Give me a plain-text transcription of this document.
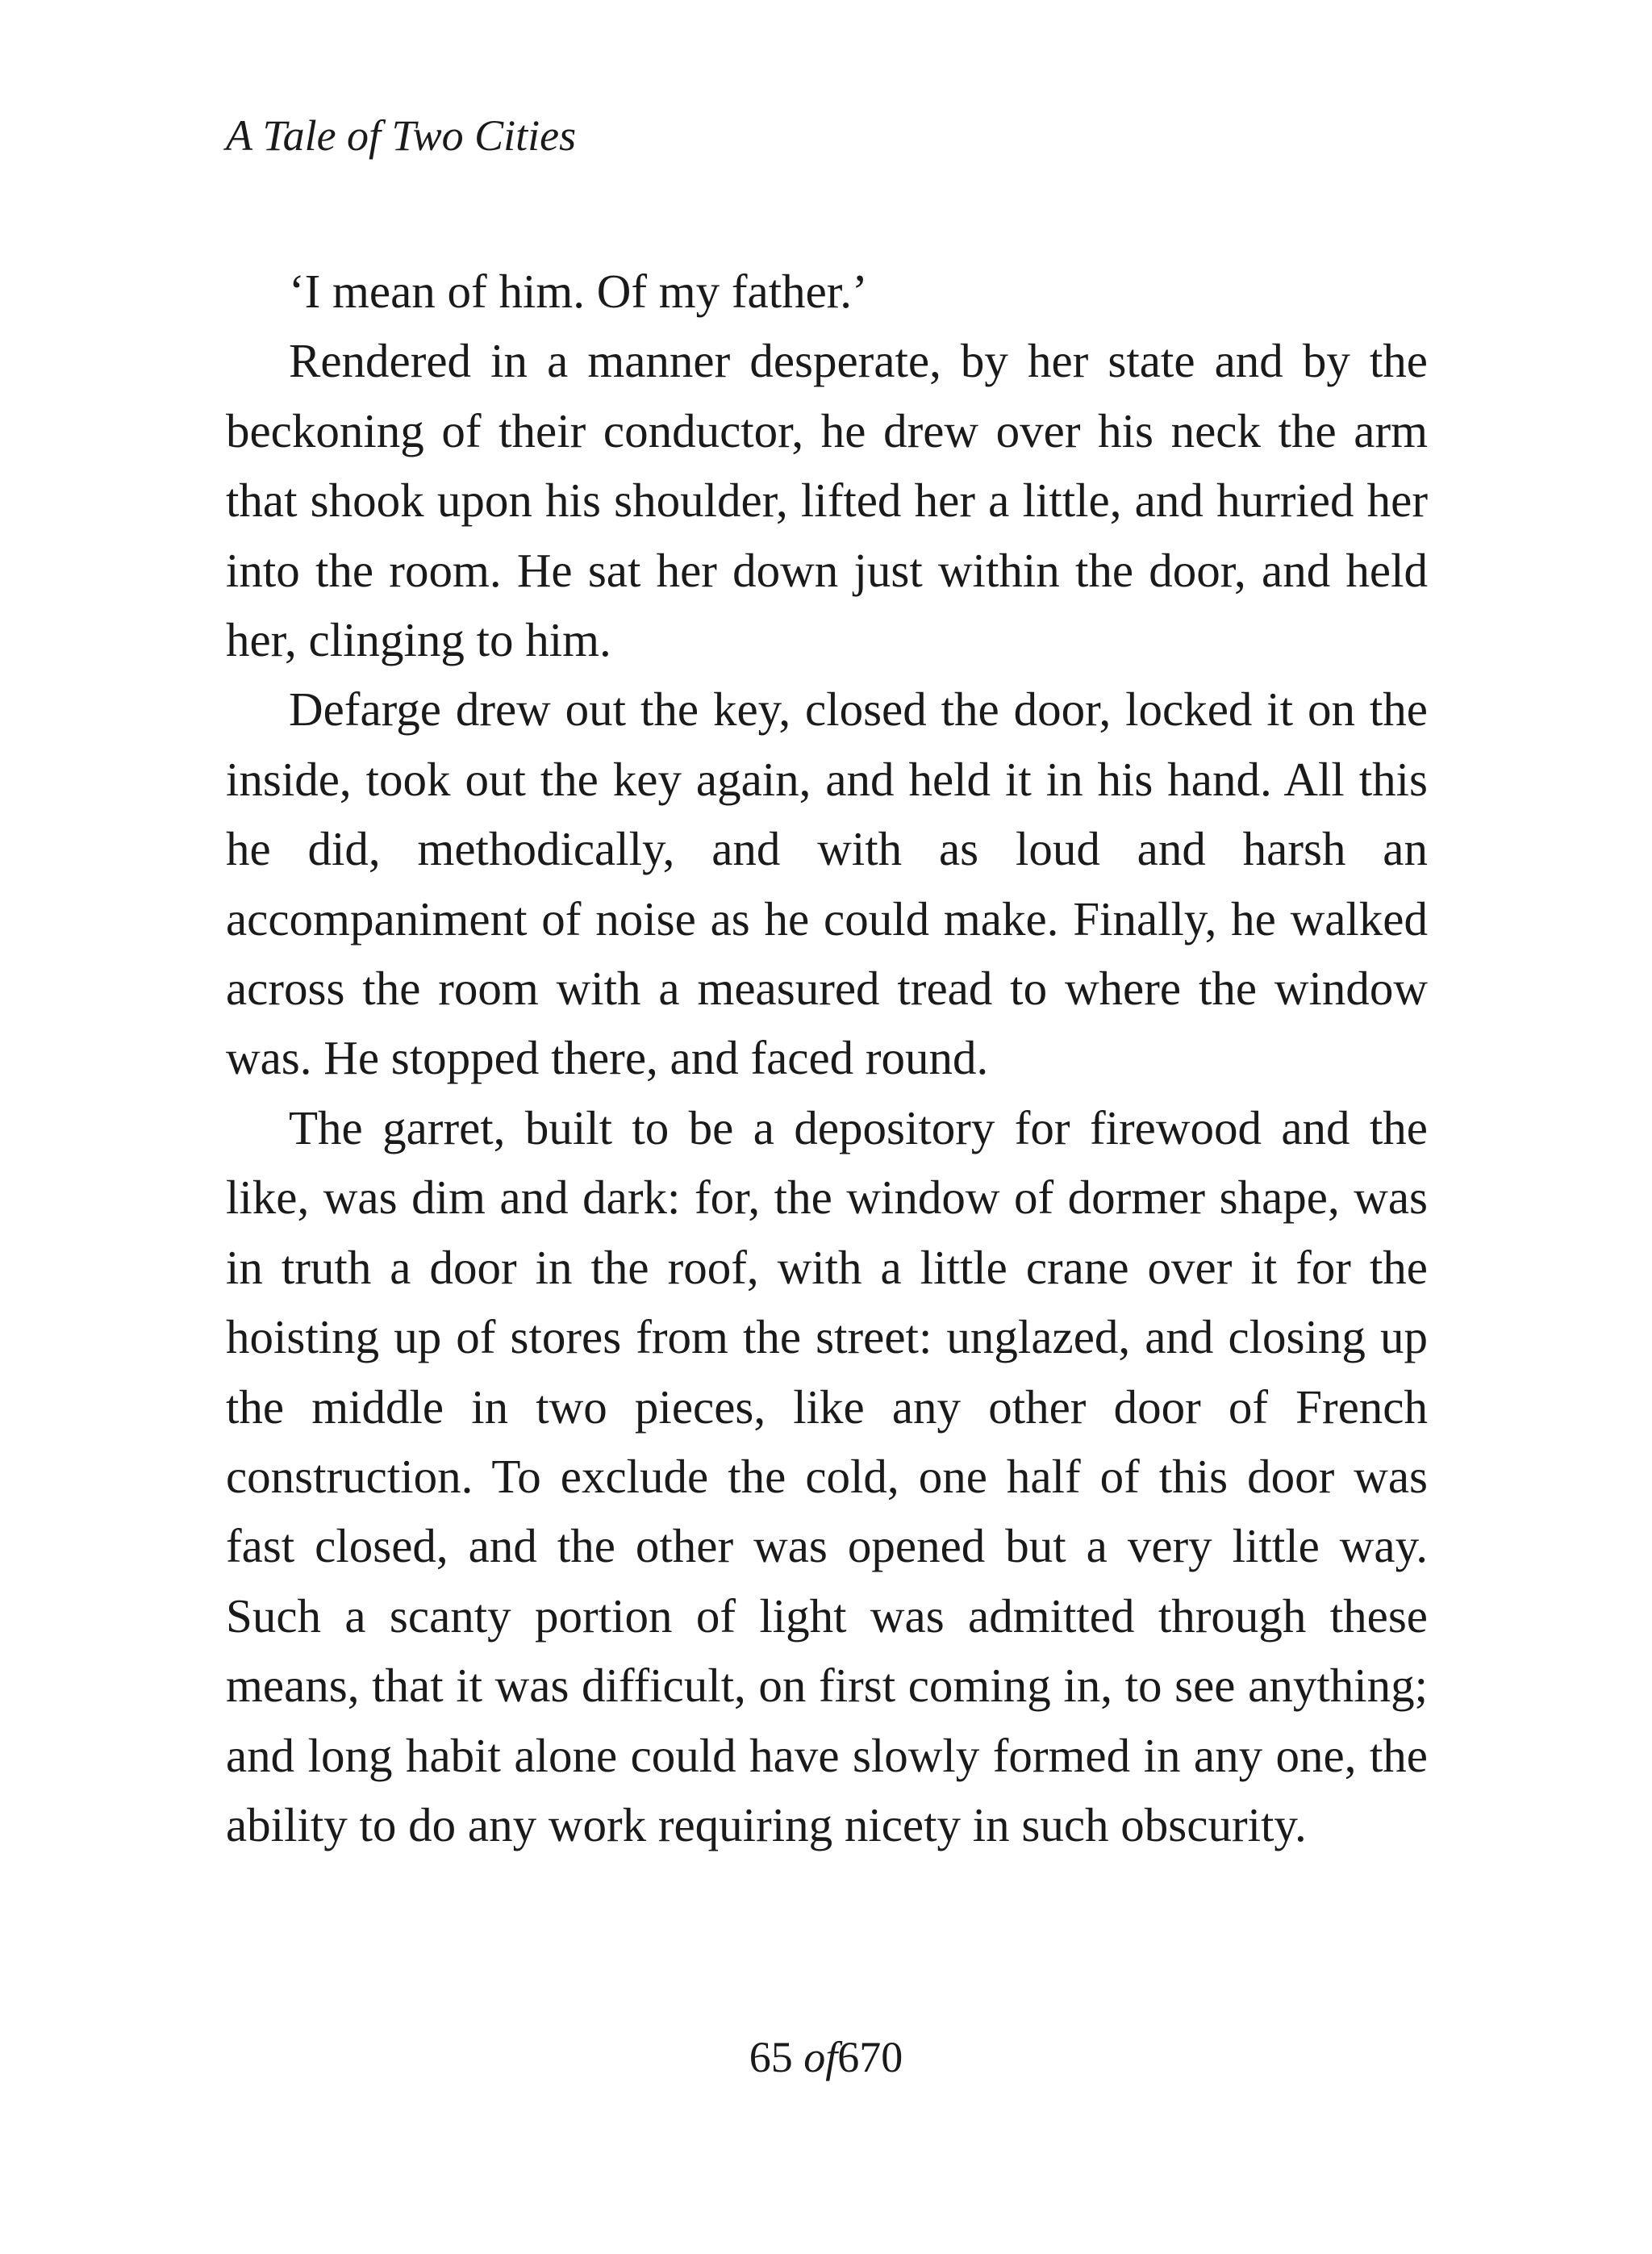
A Tale of Two Cities

‘I mean of him. Of my father.’

Rendered in a manner desperate, by her state and by the beckoning of their conductor, he drew over his neck the arm that shook upon his shoulder, lifted her a little, and hurried her into the room. He sat her down just within the door, and held her, clinging to him.

Defarge drew out the key, closed the door, locked it on the inside, took out the key again, and held it in his hand. All this he did, methodically, and with as loud and harsh an accompaniment of noise as he could make. Finally, he walked across the room with a measured tread to where the window was. He stopped there, and faced round.

The garret, built to be a depository for firewood and the like, was dim and dark: for, the window of dormer shape, was in truth a door in the roof, with a little crane over it for the hoisting up of stores from the street: unglazed, and closing up the middle in two pieces, like any other door of French construction. To exclude the cold, one half of this door was fast closed, and the other was opened but a very little way. Such a scanty portion of light was admitted through these means, that it was difficult, on first coming in, to see anything; and long habit alone could have slowly formed in any one, the ability to do any work requiring nicety in such obscurity.

65 of670
